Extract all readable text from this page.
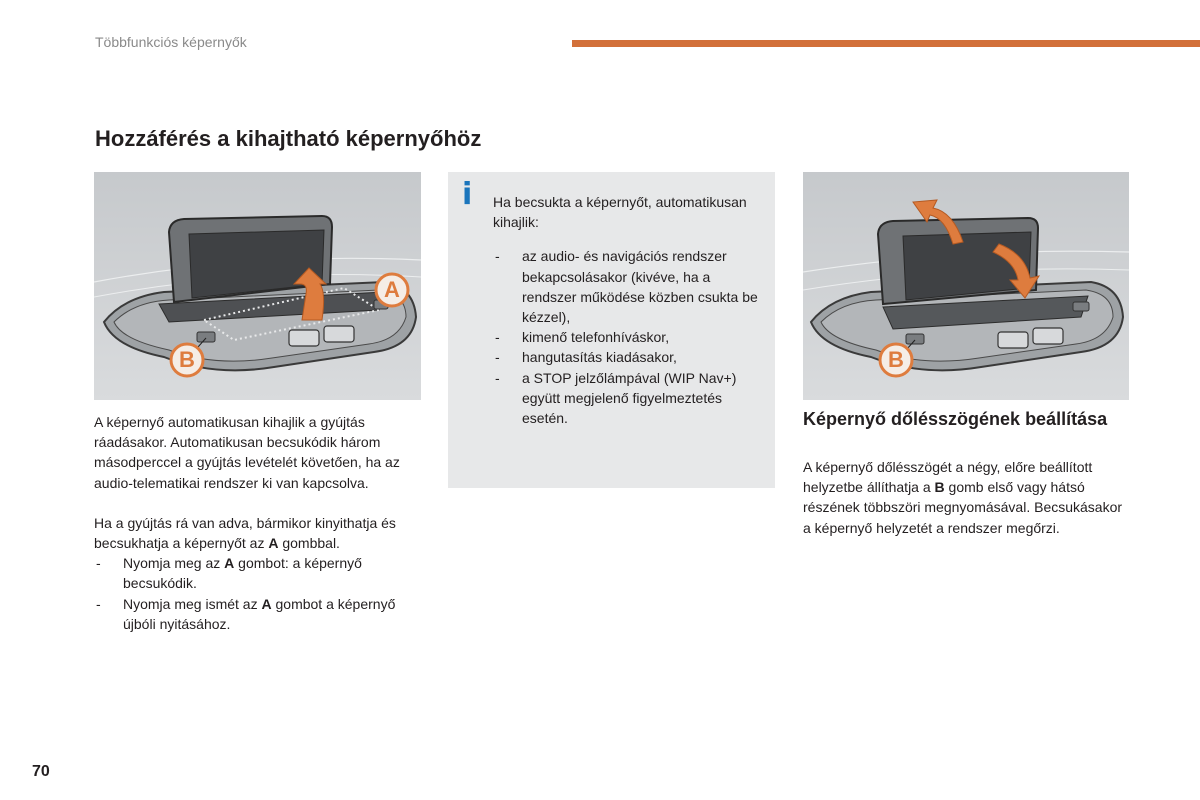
Többfunkciós képernyők
Hozzáférés a kihajtható képernyőhöz
A
B

A képernyő automatikusan kihajlik a gyújtás ráadásakor. Automatikusan becsukódik három másodperccel a gyújtás levételét követően, ha az audio-telematikai rendszer ki van kapcsolva.

Ha a gyújtás rá van adva, bármikor kinyithatja és becsukhatja a képernyőt az A gombbal.

- Nyomja meg az A gombot: a képernyő becsukódik.
- Nyomja meg ismét az A gombot a képernyő újbóli nyitásához.
i Ha becsukta a képernyőt, automatikusan kihajlik:

- az audio- és navigációs rendszer bekapcsolásakor (kivéve, ha a rendszer működése közben csukta be kézzel),
- kimenő telefonhíváskor,
- hangutasítás kiadásakor,
- a STOP jelzőlámpával (WIP Nav+) együtt megjelenő figyelmeztetés esetén.
B
Képernyő dőlésszögének beállítása

A képernyő dőlésszögét a négy, előre beállított helyzetbe állíthatja a B gomb első vagy hátsó részének többszöri megnyomásával. Becsukásakor a képernyő helyzetét a rendszer megőrzi.

70
